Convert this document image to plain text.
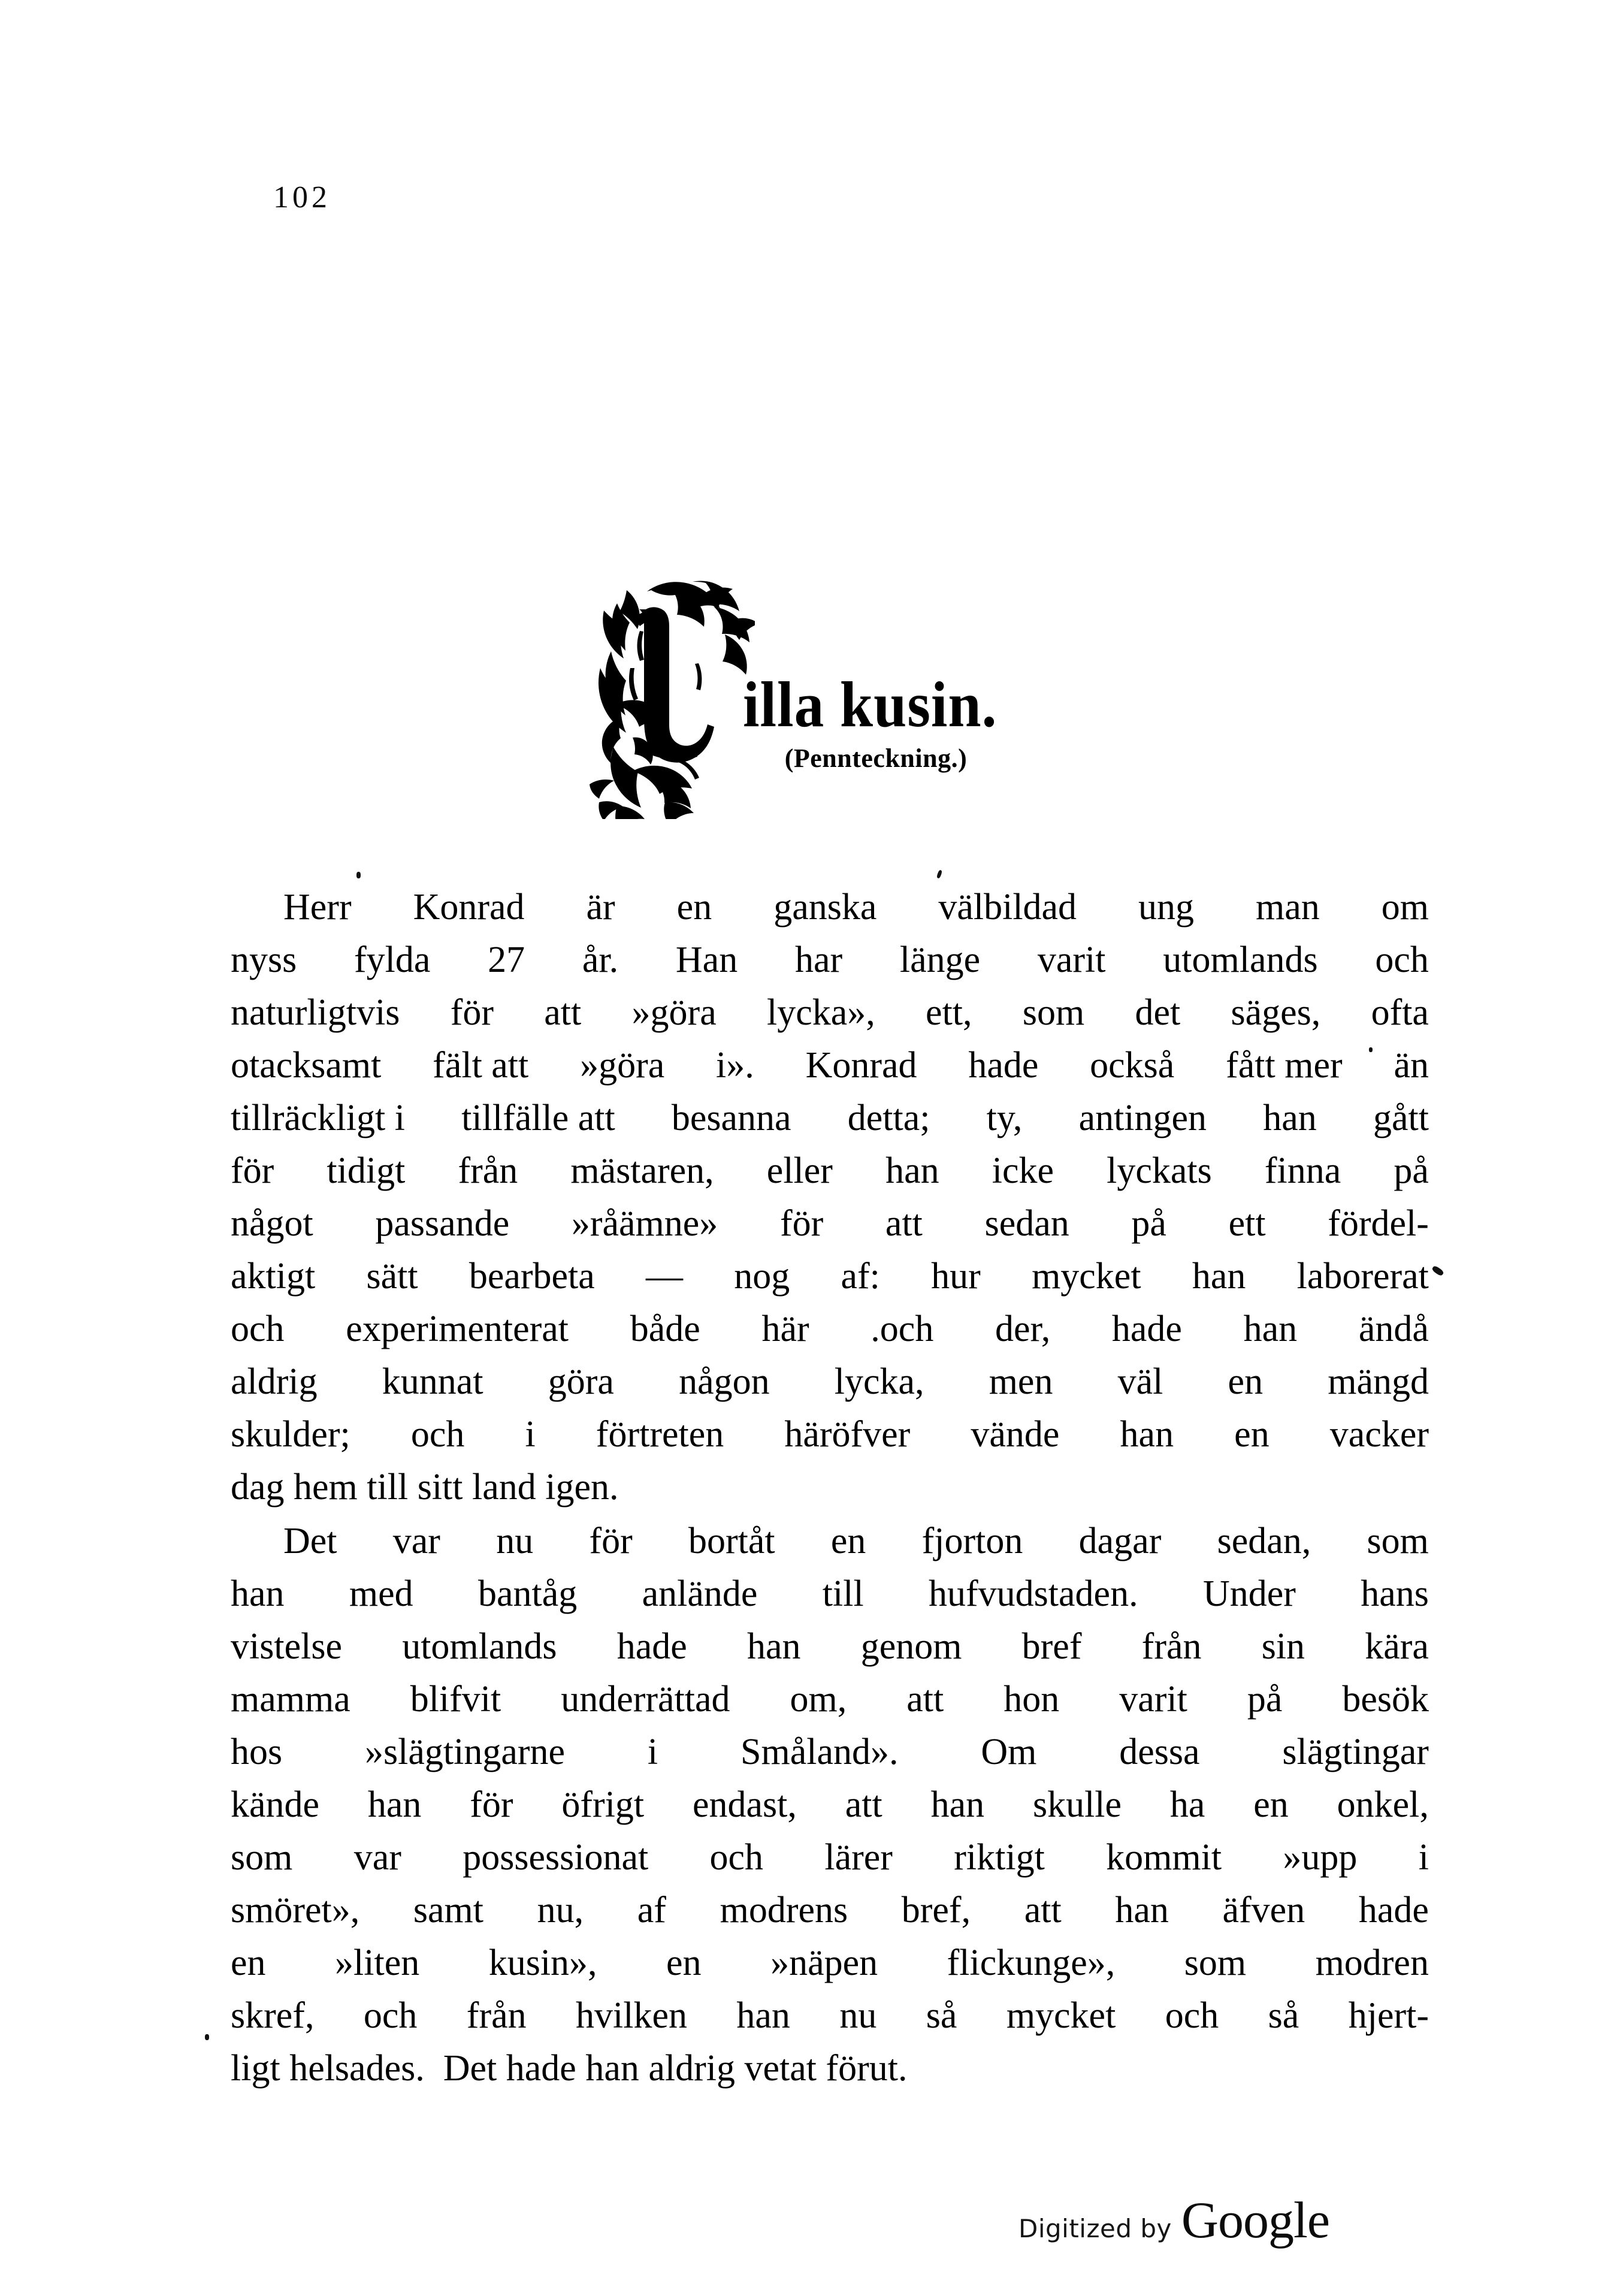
102
illa kusin.
(Pennteckning.)
Herr Konrad är en ganska välbildad ung man om
nyss fylda 27 år. Han har länge varit utomlands och
naturligtvis för att »göra lycka», ett, som det säges, ofta
otacksamt fält att »göra i». Konrad hade också fått mer än
tillräckligt i tillfälle att besanna detta; ty, antingen han gått
för tidigt från mästaren, eller han icke lyckats finna på
något passande »råämne» för att sedan på ett fördel-
aktigt sätt bearbeta — nog af: hur mycket han laborerat
och experimenterat både här .och der, hade han ändå
aldrig kunnat göra någon lycka, men väl en mängd
skulder; och i förtreten häröfver vände han en vacker
dag
hem
till
sitt
land
igen.
Det var nu för bortåt en fjorton dagar sedan, som
han med bantåg anlände till hufvudstaden. Under hans
vistelse utomlands hade han genom bref från sin kära
mamma blifvit underrättad om, att hon varit på besök
hos »slägtingarne i Småland». Om dessa slägtingar
kände han för öfrigt endast, att han skulle ha en onkel,
som var possessionat och lärer riktigt kommit »upp i
smöret», samt nu, af modrens bref, att han äfven hade
en »liten kusin», en »näpen flickunge», som modren
skref, och från hvilken han nu så mycket och så hjert-
ligt
helsades.
Det
hade
han
aldrig
vetat
förut.
Digitized by Google
